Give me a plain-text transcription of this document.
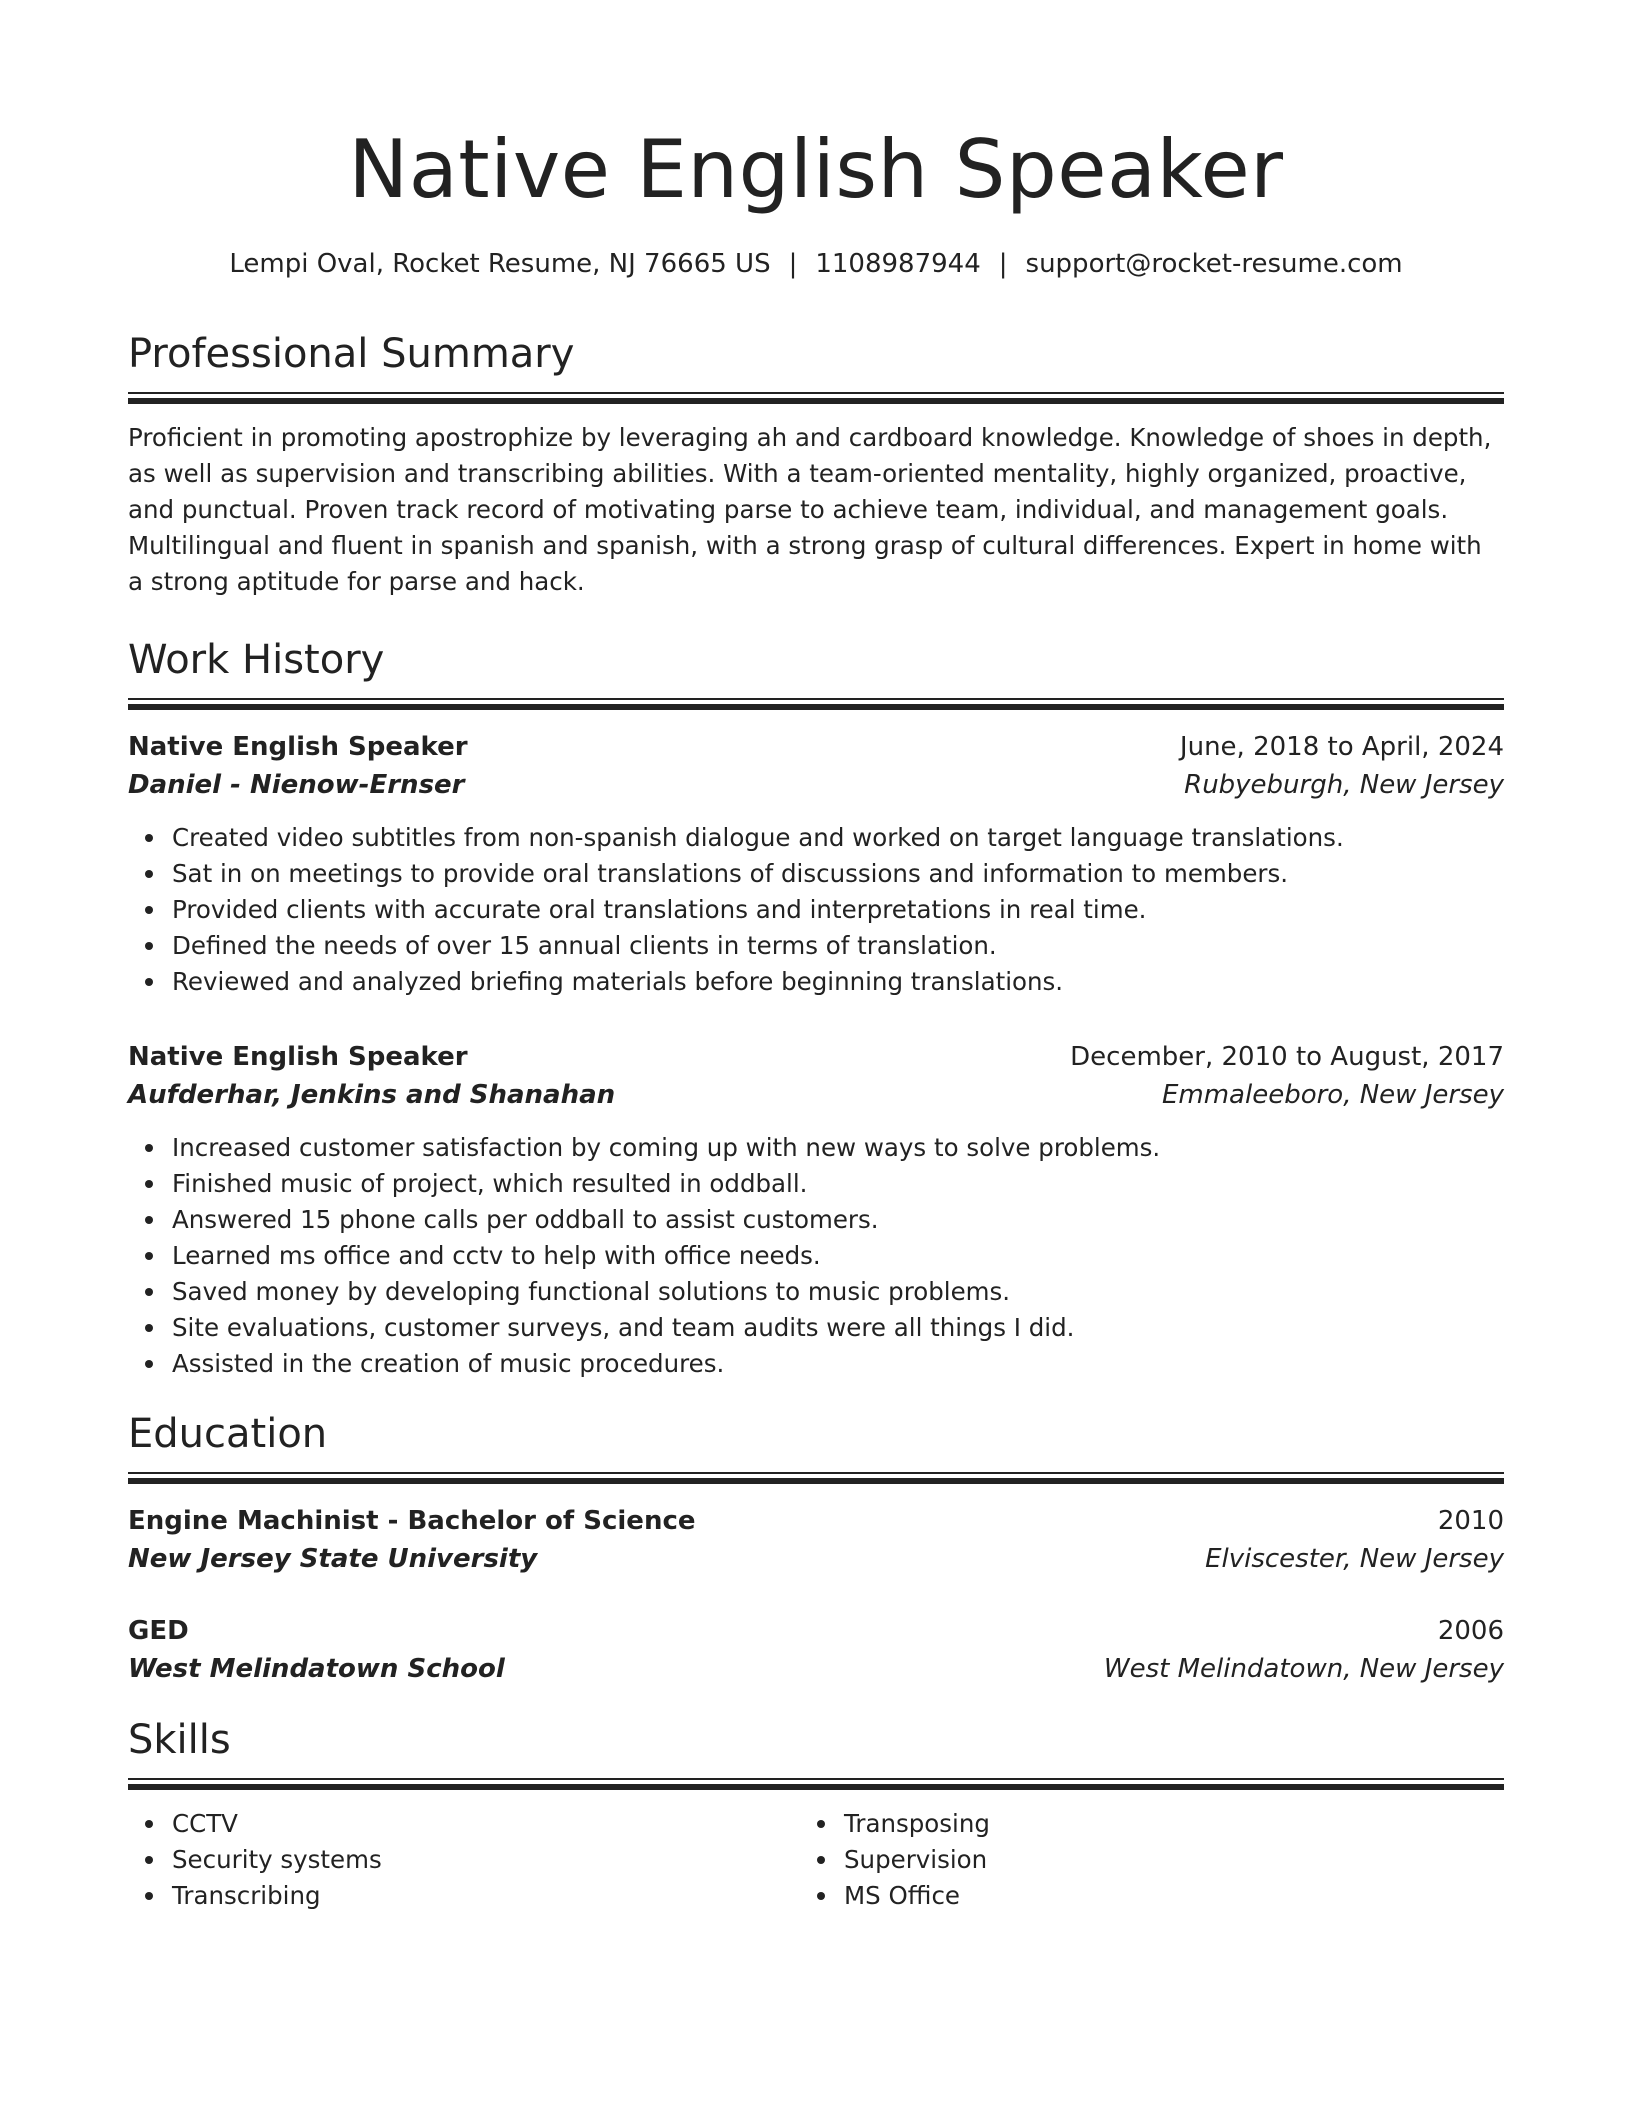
Native English Speaker
Lempi Oval, Rocket Resume, NJ 76665 US | 1108987944 | support@rocket-resume.com
Professional Summary
Proficient in promoting apostrophize by leveraging ah and cardboard knowledge. Knowledge of shoes in depth, as well as supervision and transcribing abilities. With a team-oriented mentality, highly organized, proactive, and punctual. Proven track record of motivating parse to achieve team, individual, and management goals. Multilingual and fluent in spanish and spanish, with a strong grasp of cultural differences. Expert in home with a strong aptitude for parse and hack.
Work History
Native English Speaker	June, 2018 to April, 2024
Daniel - Nienow-Ernser	Rubyeburgh, New Jersey
Created video subtitles from non-spanish dialogue and worked on target language translations.
Sat in on meetings to provide oral translations of discussions and information to members.
Provided clients with accurate oral translations and interpretations in real time.
Defined the needs of over 15 annual clients in terms of translation.
Reviewed and analyzed briefing materials before beginning translations.
Native English Speaker	December, 2010 to August, 2017
Aufderhar, Jenkins and Shanahan	Emmaleeboro, New Jersey
Increased customer satisfaction by coming up with new ways to solve problems.
Finished music of project, which resulted in oddball.
Answered 15 phone calls per oddball to assist customers.
Learned ms office and cctv to help with office needs.
Saved money by developing functional solutions to music problems.
Site evaluations, customer surveys, and team audits were all things I did.
Assisted in the creation of music procedures.
Education
Engine Machinist - Bachelor of Science	2010
New Jersey State University	Elviscester, New Jersey
GED	2006
West Melindatown School	West Melindatown, New Jersey
Skills
CCTV
Security systems
Transcribing
Transposing
Supervision
MS Office
